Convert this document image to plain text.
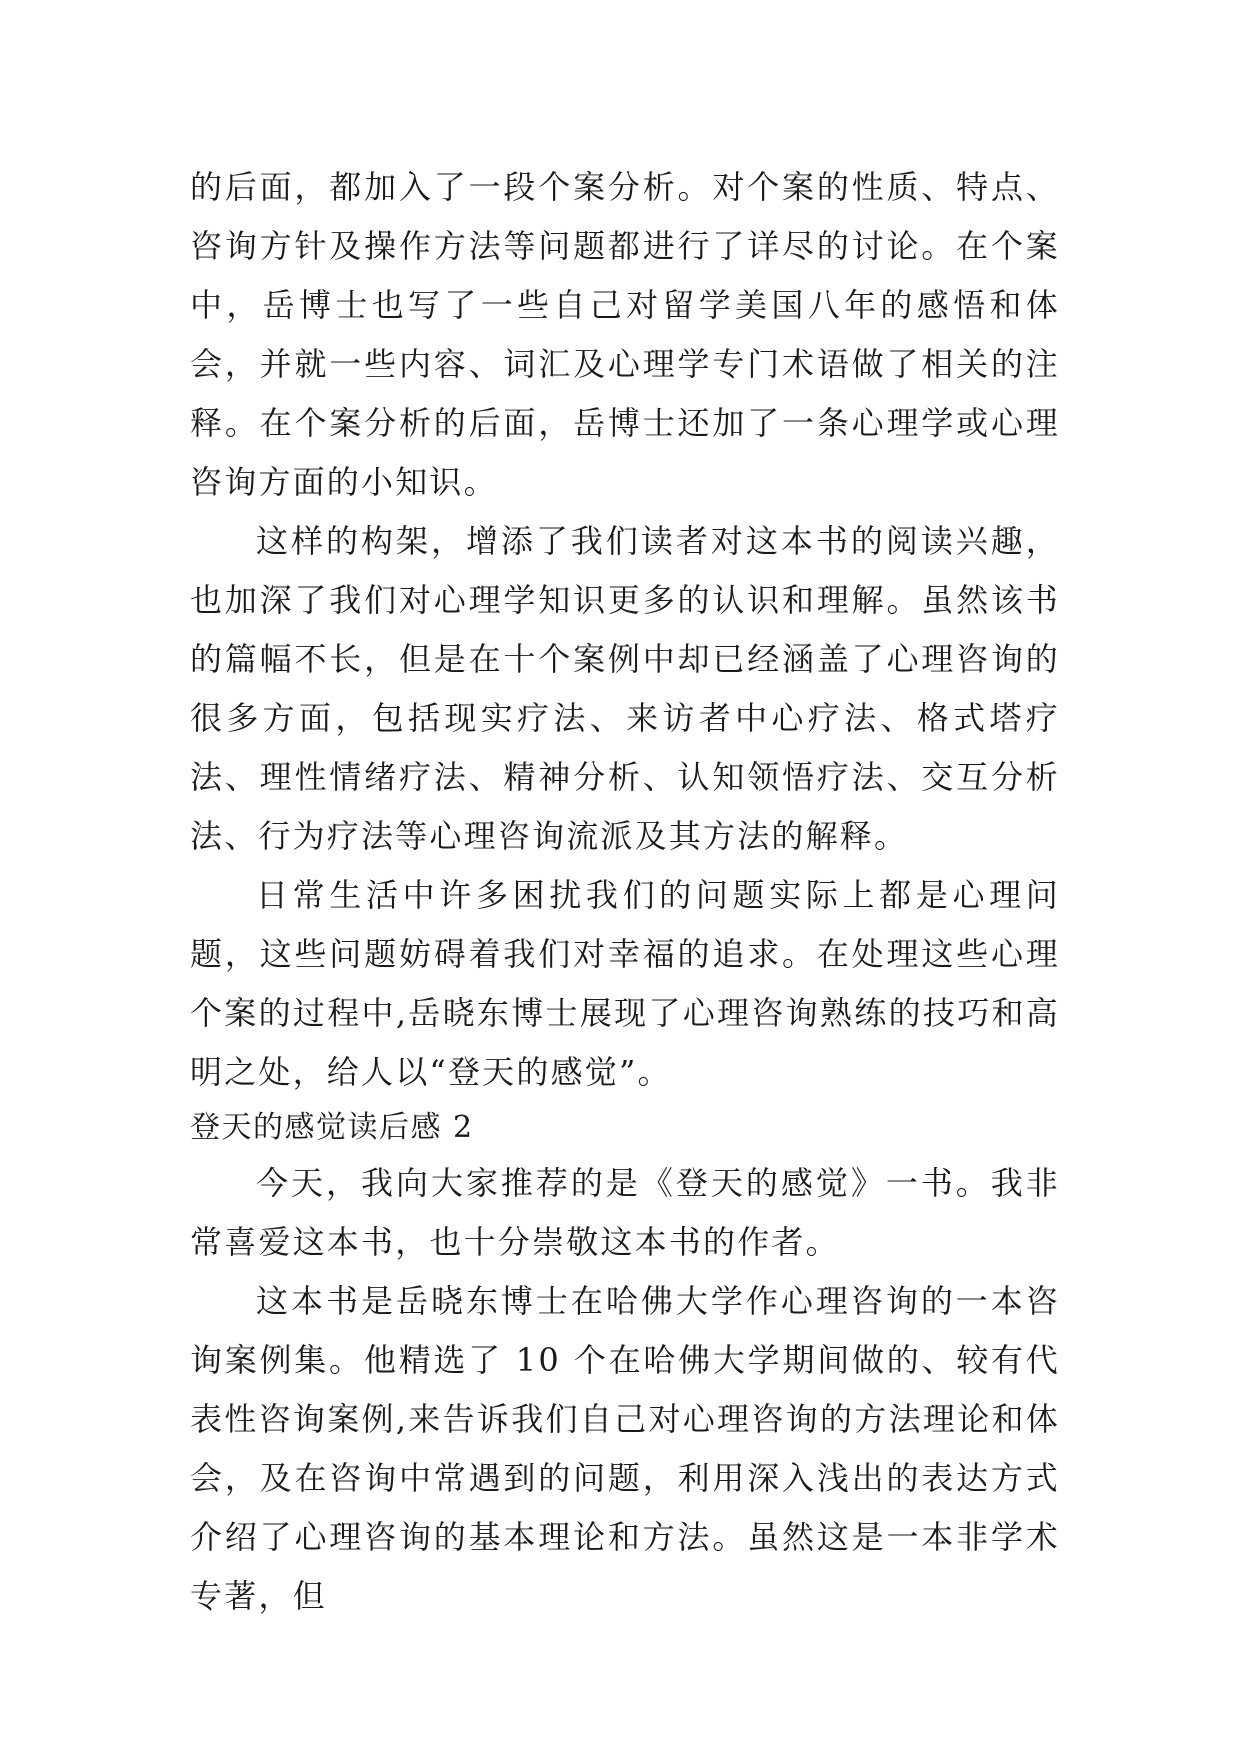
的后面，都加入了一段个案分析。对个案的性质、特点、咨询方针及操作方法等问题都进行了详尽的讨论。在个案中，岳博士也写了一些自己对留学美国八年的感悟和体会，并就一些内容、词汇及心理学专门术语做了相关的注释。在个案分析的后面，岳博士还加了一条心理学或心理咨询方面的小知识。

这样的构架，增添了我们读者对这本书的阅读兴趣，也加深了我们对心理学知识更多的认识和理解。虽然该书的篇幅不长，但是在十个案例中却已经涵盖了心理咨询的很多方面，包括现实疗法、来访者中心疗法、格式塔疗法、理性情绪疗法、精神分析、认知领悟疗法、交互分析法、行为疗法等心理咨询流派及其方法的解释。

日常生活中许多困扰我们的问题实际上都是心理问题，这些问题妨碍着我们对幸福的追求。在处理这些心理个案的过程中,岳晓东博士展现了心理咨询熟练的技巧和高明之处，给人以“登天的感觉”。

登天的感觉读后感 2

今天，我向大家推荐的是《登天的感觉》一书。我非常喜爱这本书，也十分崇敬这本书的作者。

这本书是岳晓东博士在哈佛大学作心理咨询的一本咨询案例集。他精选了 10 个在哈佛大学期间做的、较有代表性咨询案例,来告诉我们自己对心理咨询的方法理论和体会，及在咨询中常遇到的问题，利用深入浅出的表达方式介绍了心理咨询的基本理论和方法。虽然这是一本非学术专著，但
